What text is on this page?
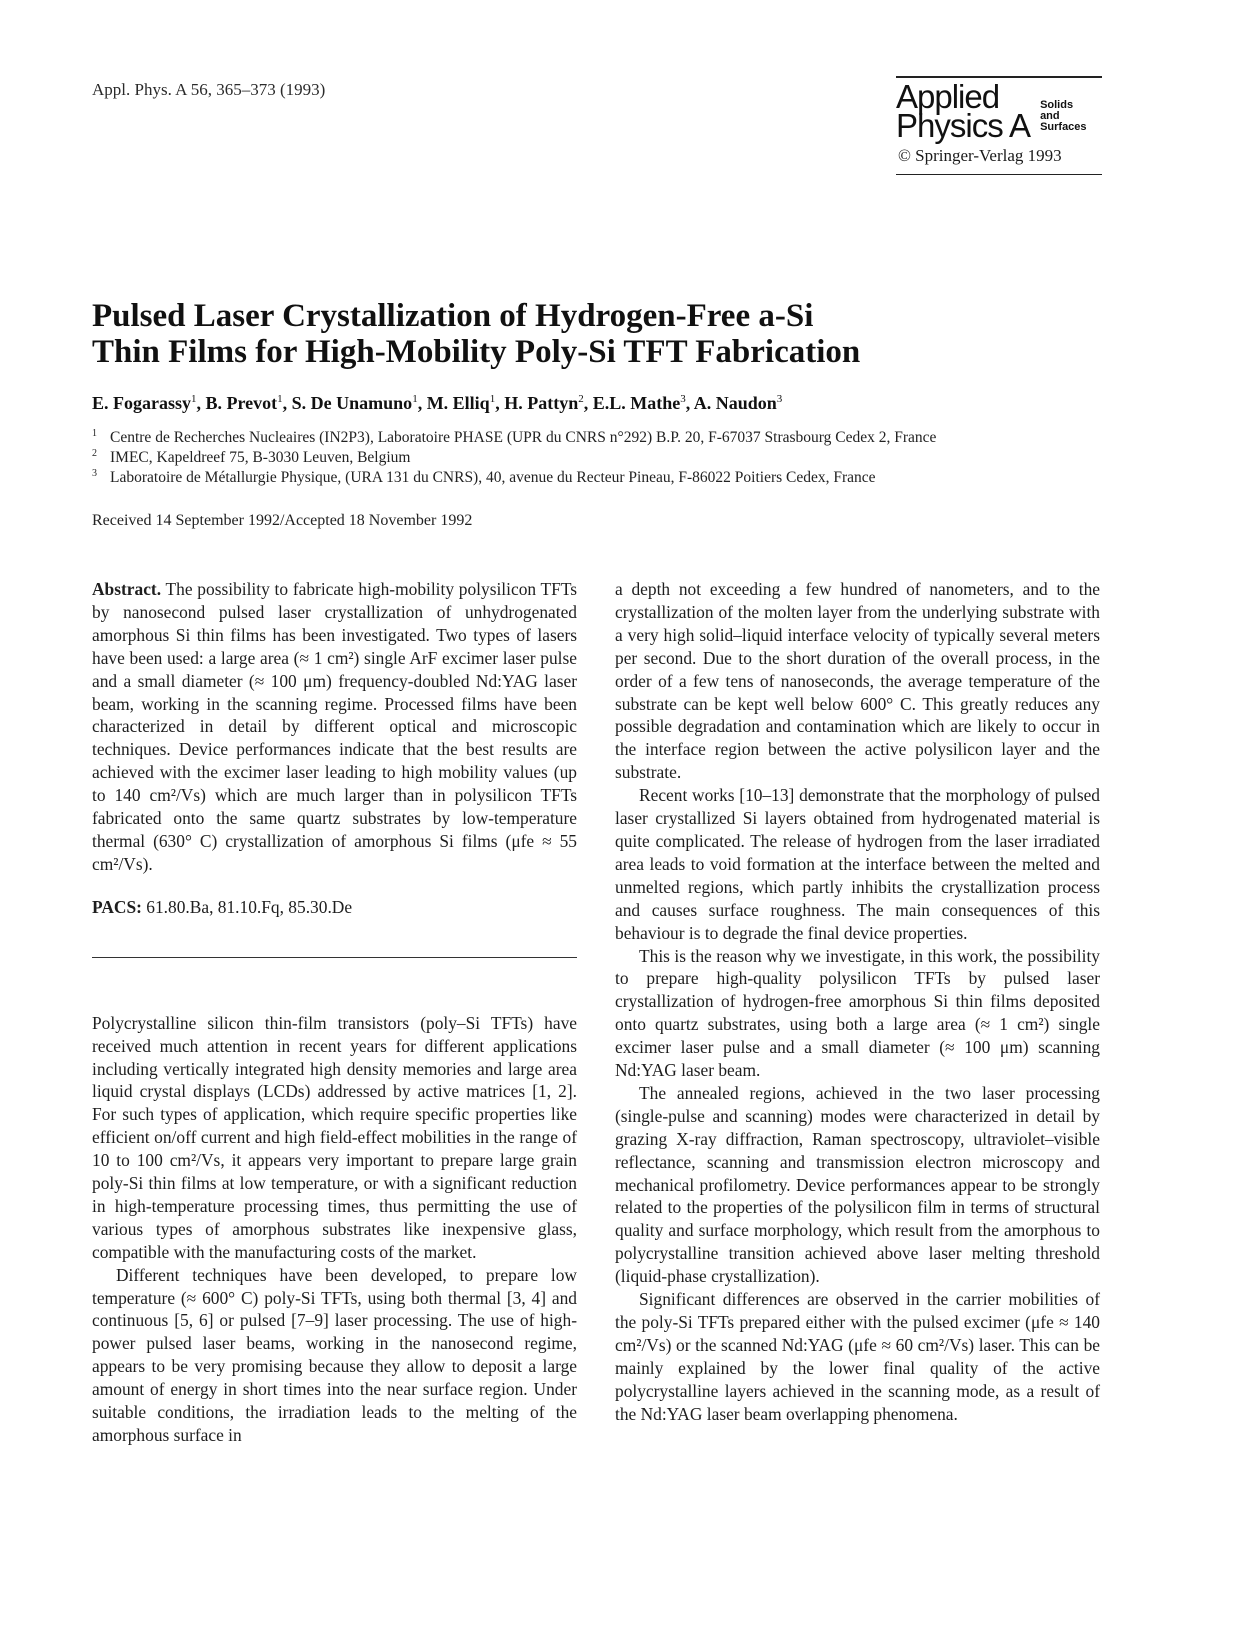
Appl. Phys. A 56, 365–373 (1993)	Applied
Physics A
Solids
and
Surfaces
© Springer-Verlag 1993
Pulsed Laser Crystallization of Hydrogen-Free a-Si
Thin Films for High-Mobility Poly-Si TFT Fabrication
E. Fogarassy$^1$, B. Prevot$^1$, S. De Unamuno$^1$, M. Elliq$^1$, H. Pattyn$^2$, E.L. Mathe$^3$, A. Naudon$^3$
1 Centre de Recherches Nucleaires (IN2P3), Laboratoire PHASE (UPR du CNRS n°292) B.P. 20, F-67037 Strasbourg Cedex 2, France
2 IMEC, Kapeldreef 75, B-3030 Leuven, Belgium
3 Laboratoire de Métallurgie Physique, (URA 131 du CNRS), 40, avenue du Recteur Pineau, F-86022 Poitiers Cedex, France
Received 14 September 1992/Accepted 18 November 1992

Abstract. The possibility to fabricate high-mobility polysilicon TFTs by nanosecond pulsed laser crystallization of unhydrogenated amorphous Si thin films has been investigated. Two types of lasers have been used: a large area (≈ 1 cm²) single ArF excimer laser pulse and a small diameter (≈ 100 μm) frequency-doubled Nd:YAG laser beam, working in the scanning regime. Processed films have been characterized in detail by different optical and microscopic techniques. Device performances indicate that the best results are achieved with the excimer laser leading to high mobility values (up to 140 cm²/Vs) which are much larger than in polysilicon TFTs fabricated onto the same quartz substrates by low-temperature thermal (630° C) crystallization of amorphous Si films (μfe ≈ 55 cm²/Vs).

PACS: 61.80.Ba, 81.10.Fq, 85.30.De

Polycrystalline silicon thin-film transistors (poly–Si TFTs) have received much attention in recent years for different applications including vertically integrated high density memories and large area liquid crystal displays (LCDs) addressed by active matrices [1, 2]. For such types of application, which require specific properties like efficient on/off current and high field-effect mobilities in the range of 10 to 100 cm²/Vs, it appears very important to prepare large grain poly-Si thin films at low temperature, or with a significant reduction in high-temperature processing times, thus permitting the use of various types of amorphous substrates like inexpensive glass, compatible with the manufacturing costs of the market.

Different techniques have been developed, to prepare low temperature (≈ 600° C) poly-Si TFTs, using both thermal [3, 4] and continuous [5, 6] or pulsed [7–9] laser processing. The use of high-power pulsed laser beams, working in the nanosecond regime, appears to be very promising because they allow to deposit a large amount of energy in short times into the near surface region. Under suitable conditions, the irradiation leads to the melting of the amorphous surface in

a depth not exceeding a few hundred of nanometers, and to the crystallization of the molten layer from the underlying substrate with a very high solid–liquid interface velocity of typically several meters per second. Due to the short duration of the overall process, in the order of a few tens of nanoseconds, the average temperature of the substrate can be kept well below 600° C. This greatly reduces any possible degradation and contamination which are likely to occur in the interface region between the active polysilicon layer and the substrate.

Recent works [10–13] demonstrate that the morphology of pulsed laser crystallized Si layers obtained from hydrogenated material is quite complicated. The release of hydrogen from the laser irradiated area leads to void formation at the interface between the melted and unmelted regions, which partly inhibits the crystallization process and causes surface roughness. The main consequences of this behaviour is to degrade the final device properties.

This is the reason why we investigate, in this work, the possibility to prepare high-quality polysilicon TFTs by pulsed laser crystallization of hydrogen-free amorphous Si thin films deposited onto quartz substrates, using both a large area (≈ 1 cm²) single excimer laser pulse and a small diameter (≈ 100 μm) scanning Nd:YAG laser beam.

The annealed regions, achieved in the two laser processing (single-pulse and scanning) modes were characterized in detail by grazing X-ray diffraction, Raman spectroscopy, ultraviolet–visible reflectance, scanning and transmission electron microscopy and mechanical profilometry. Device performances appear to be strongly related to the properties of the polysilicon film in terms of structural quality and surface morphology, which result from the amorphous to polycrystalline transition achieved above laser melting threshold (liquid-phase crystallization).

Significant differences are observed in the carrier mobilities of the poly-Si TFTs prepared either with the pulsed excimer (μfe ≈ 140 cm²/Vs) or the scanned Nd:YAG (μfe ≈ 60 cm²/Vs) laser. This can be mainly explained by the lower final quality of the active polycrystalline layers achieved in the scanning mode, as a result of the Nd:YAG laser beam overlapping phenomena.
